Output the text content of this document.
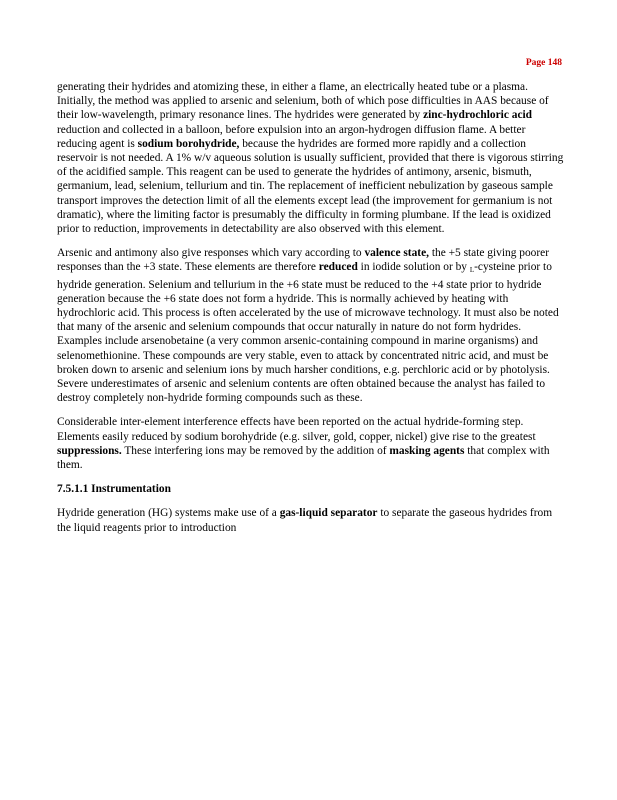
Page 148

generating their hydrides and atomizing these, in either a flame, an electrically heated tube or a plasma. Initially, the method was applied to arsenic and selenium, both of which pose difficulties in AAS because of their low-wavelength, primary resonance lines. The hydrides were generated by zinc-hydrochloric acid reduction and collected in a balloon, before expulsion into an argon-hydrogen diffusion flame. A better reducing agent is sodium borohydride, because the hydrides are formed more rapidly and a collection reservoir is not needed. A 1% w/v aqueous solution is usually sufficient, provided that there is vigorous stirring of the acidified sample. This reagent can be used to generate the hydrides of antimony, arsenic, bismuth, germanium, lead, selenium, tellurium and tin. The replacement of inefficient nebulization by gaseous sample transport improves the detection limit of all the elements except lead (the improvement for germanium is not dramatic), where the limiting factor is presumably the difficulty in forming plumbane. If the lead is oxidized prior to reduction, improvements in detectability are also observed with this element.

Arsenic and antimony also give responses which vary according to valence state, the +5 state giving poorer responses than the +3 state. These elements are therefore reduced in iodide solution or by $_L$-cysteine prior to hydride generation. Selenium and tellurium in the +6 state must be reduced to the +4 state prior to hydride generation because the +6 state does not form a hydride. This is normally achieved by heating with hydrochloric acid. This process is often accelerated by the use of microwave technology. It must also be noted that many of the arsenic and selenium compounds that occur naturally in nature do not form hydrides. Examples include arsenobetaine (a very common arsenic-containing compound in marine organisms) and selenomethionine. These compounds are very stable, even to attack by concentrated nitric acid, and must be broken down to arsenic and selenium ions by much harsher conditions, e.g. perchloric acid or by photolysis. Severe underestimates of arsenic and selenium contents are often obtained because the analyst has failed to destroy completely non-hydride forming compounds such as these.

Considerable inter-element interference effects have been reported on the actual hydride-forming step. Elements easily reduced by sodium borohydride (e.g. silver, gold, copper, nickel) give rise to the greatest suppressions. These interfering ions may be removed by the addition of masking agents that complex with them.

7.5.1.1 Instrumentation

Hydride generation (HG) systems make use of a gas-liquid separator to separate the gaseous hydrides from the liquid reagents prior to introduction
